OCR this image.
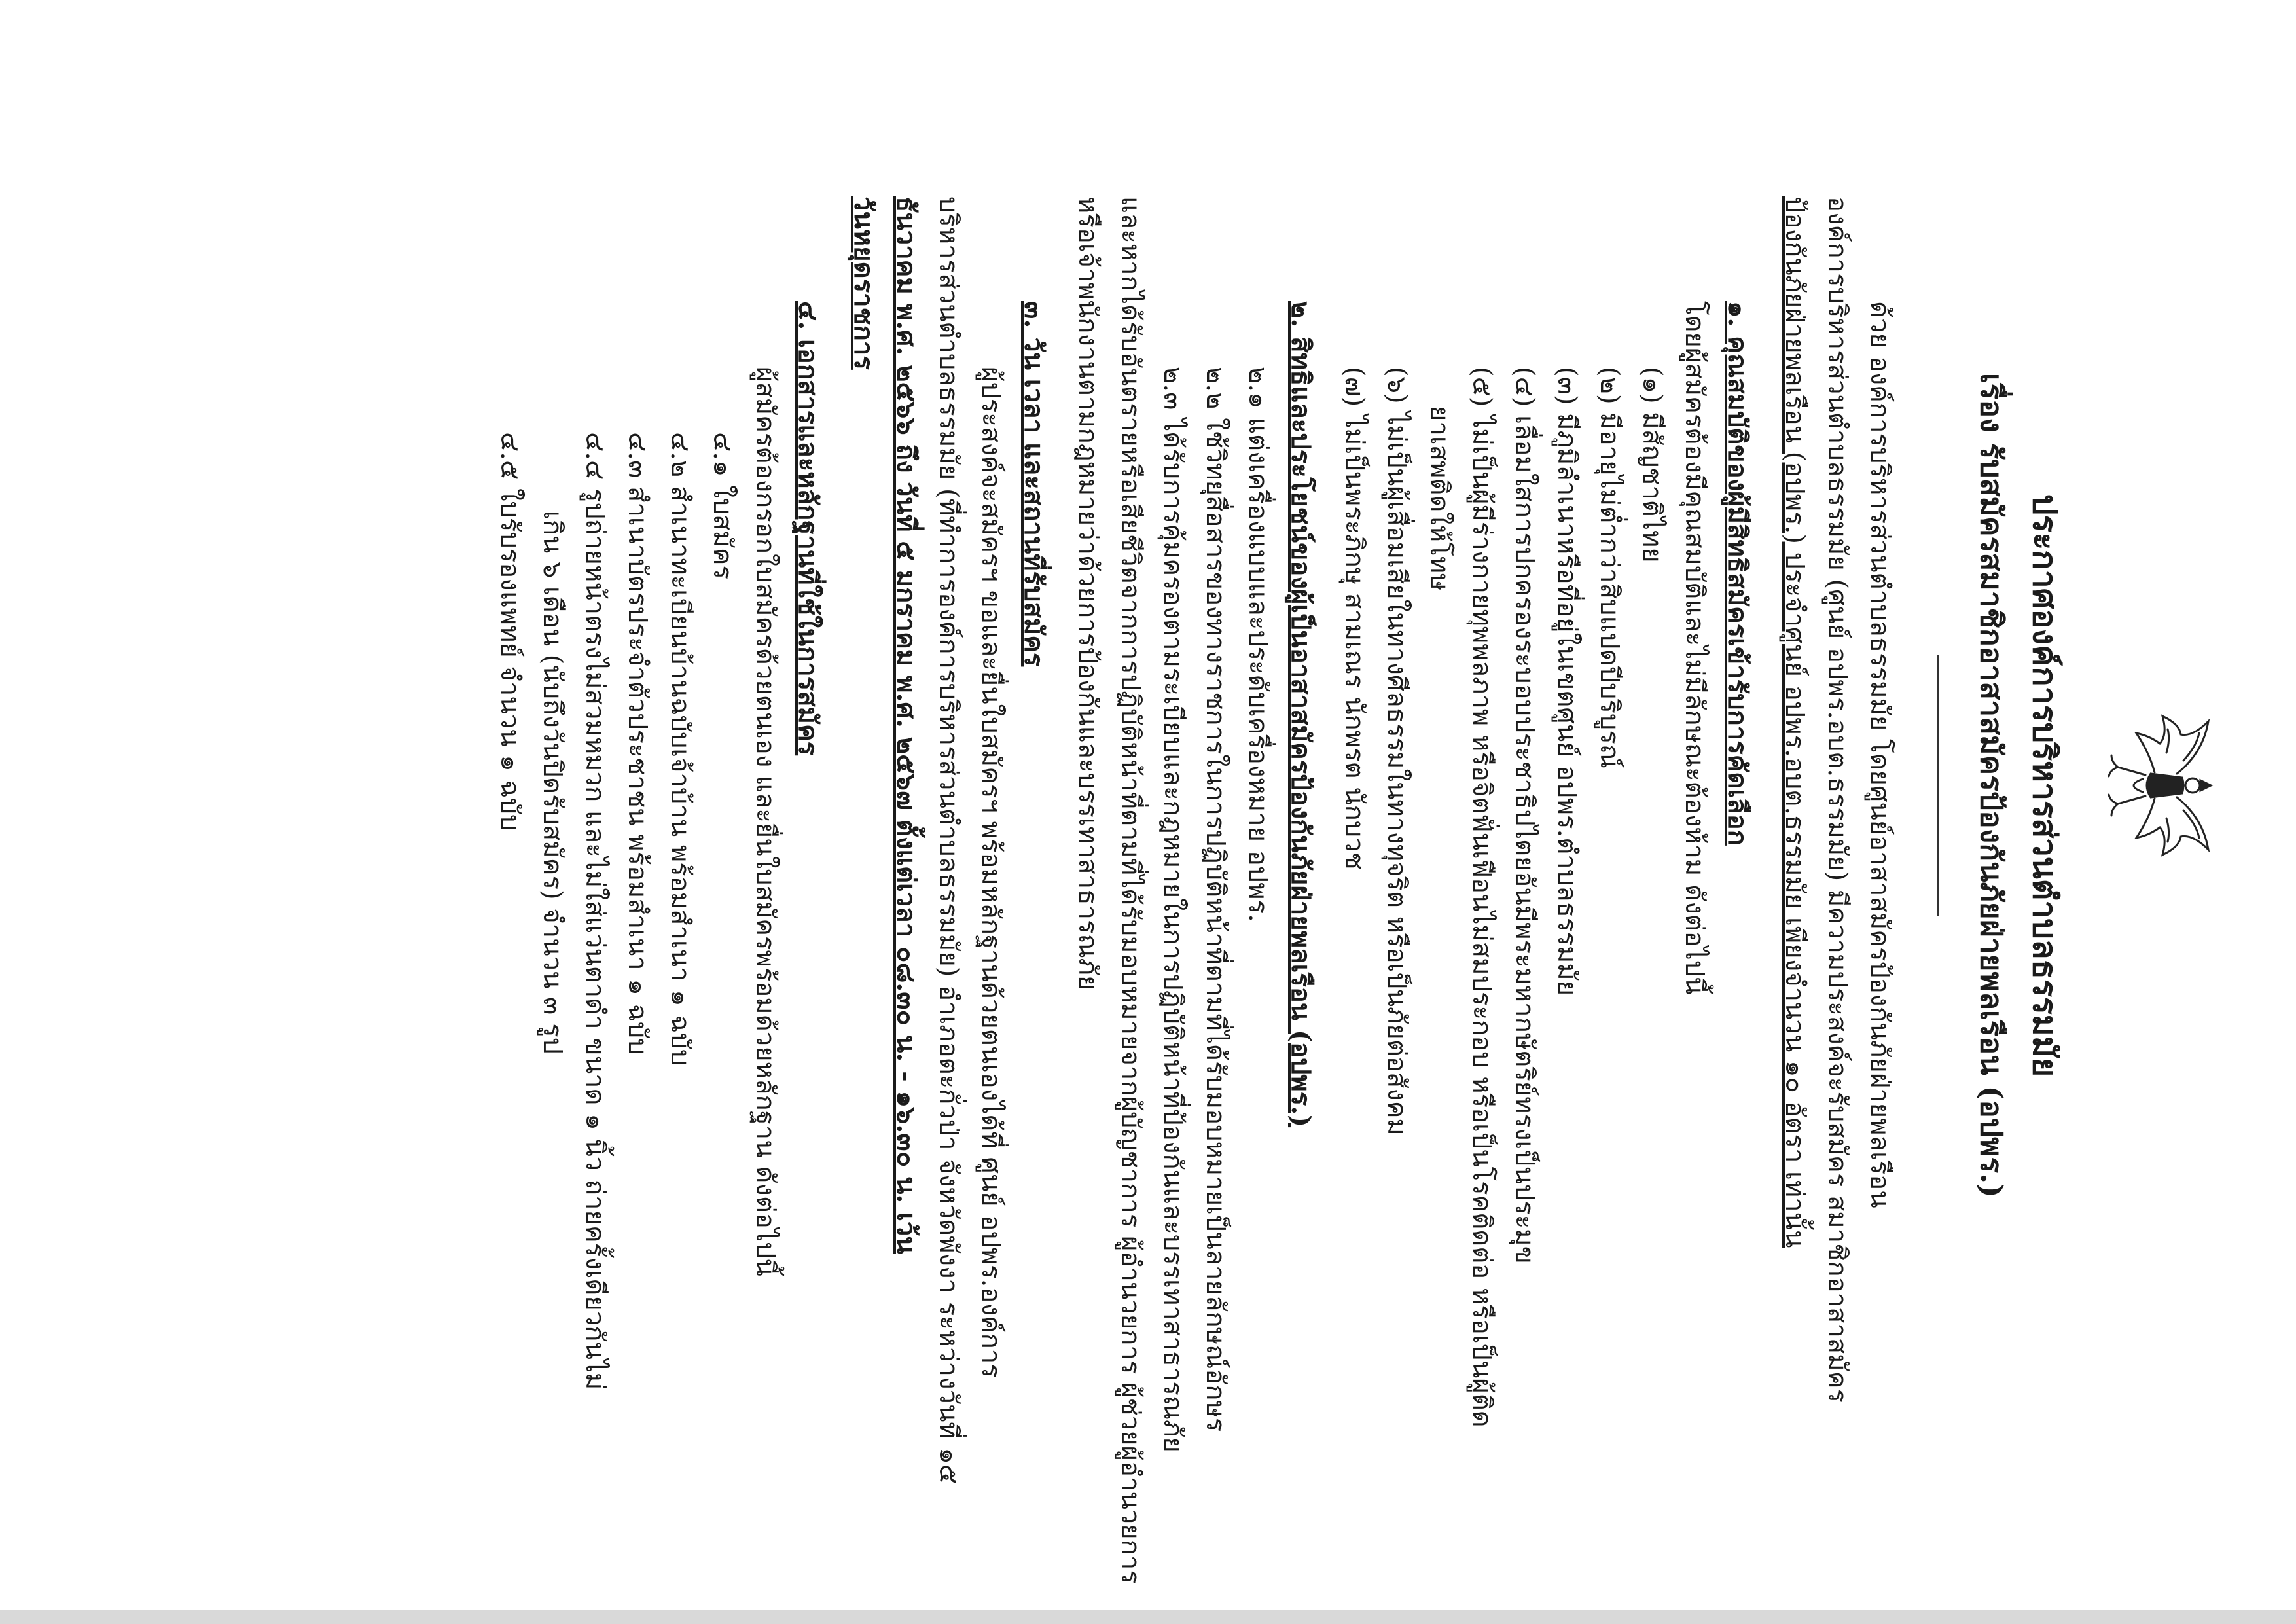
ประกาศองค์การบริหารส่วนตำบลธรรมมัย
เรื่อง รับสมัครสมาชิกอาสาสมัครป้องกันภัยฝ่ายพลเรือน (อปพร.)
ด้วย องค์การบริหารส่วนตำบลธรรมมัย โดยศูนย์อาสาสมัครป้องกันภัยฝ่ายพลเรือน
องค์การบริหารส่วนตำบลธรรมมัย (ศูนย์ อปพร.อบต.ธรรมมัย) มีความประสงค์จะรับสมัคร สมาชิกอาสาสมัคร
ป้องกันภัยฝ่ายพลเรือน (อปพร.) ประจำศูนย์ อปพร.อบต.ธรรมมัย เพียงจำนวน ๑๐ อัตรา เท่านั้น
๑. คุณสมบัติของผู้มีสิทธิสมัครเข้ารับการคัดเลือก
โดยผู้สมัครต้องมีคุณสมบัติและไม่มีลักษณะต้องห้าม ดังต่อไปนี้
(๑) มีสัญชาติไทย
(๒) มีอายุไม่ต่ำกว่าสิบแปดปีบริบูรณ์
(๓) มีภูมิลำเนาหรือที่อยู่ในเขตศูนย์ อปพร.ตำบลธรรมมัย
(๔) เลื่อมใสการปกครองระบอบประชาธิปไตยอันมีพระมหากษัตริย์ทรงเป็นประมุข
(๕) ไม่เป็นผู้มีร่างกายทุพพลภาพ หรือจิตฟั่นเฟือนไม่สมประกอบ หรือเป็นโรคติดต่อ หรือเป็นผู้ติด
ยาเสพติดให้โทษ
(๖) ไม่เป็นผู้เสื่อมเสียในทางศีลธรรมในทางทุจริต หรือเป็นภัยต่อสังคม
(๗) ไม่เป็นพระภิกษุ สามเณร นักพรต นักบวช
๒. สิทธิและประโยชน์ของผู้เป็นอาสาสมัครป้องกันภัยฝ่ายพลเรือน (อปพร.)
๒.๑ แต่งเครื่องแบบและประดับเครื่องหมาย อปพร.
๒.๒ ใช้วิทยุสื่อสารของทางราชการในการปฏิบัติหน้าที่ตามที่ได้รับมอบหมายเป็นลายลักษณ์อักษร
๒.๓ ได้รับการคุ้มครองตามระเบียบและกฎหมายในการปฏิบัติหน้าที่ป้องกันและบรรเทาสาธารณภัย
และหากได้รับอันตรายหรือเสียชีวิตจากการปฏิบัติหน้าที่ตามที่ได้รับมอบหมายจากผู้บัญชาการ ผู้อำนวยการ ผู้ช่วยผู้อำนวยการ
หรือเจ้าพนักงานตามกฎหมายว่าด้วยการป้องกันและบรรเทาสาธารณภัย
๓. วัน เวลา และสถานที่รับสมัคร
ผู้ประสงค์จะสมัครฯ ขอและยื่นใบสมัครฯ พร้อมหลักฐานด้วยตนเองได้ที่ ศูนย์ อปพร.องค์การ
บริหารส่วนตำบลธรรมมัย (ที่ทำการองค์การบริหารส่วนตำบลธรรมมัย) อำเภอตะกั่วป่า จังหวัดพังงา ระหว่างวันที่ ๑๕
ธันวาคม พ.ศ. ๒๕๖๖ ถึง วันที่ ๕ มกราคม พ.ศ. ๒๕๖๗ ตั้งแต่เวลา ๐๘.๓๐ น. - ๑๖.๓๐ น. เว้น
วันหยุดราชการ
๔. เอกสารและหลักฐานที่ใช้ในการสมัคร
ผู้สมัครต้องกรอกใบสมัครด้วยตนเอง และยื่นใบสมัครพร้อมด้วยหลักฐาน ดังต่อไปนี้
๔.๑ ใบสมัคร
๔.๒ สำเนาทะเบียนบ้านฉบับเจ้าบ้าน พร้อมสำเนา ๑ ฉบับ
๔.๓ สำเนาบัตรประจำตัวประชาชน พร้อมสำเนา ๑ ฉบับ
๔.๔ รูปถ่ายหน้าตรงไม่สวมหมวก และไม่ใส่แว่นตาดำ ขนาด ๑ นิ้ว ถ่ายครั้งเดียวกันไม่
เกิน ๖ เดือน (นับถึงวันปิดรับสมัคร) จำนวน ๓ รูป
๔.๕ ใบรับรองแพทย์ จำนวน ๑ ฉบับ
